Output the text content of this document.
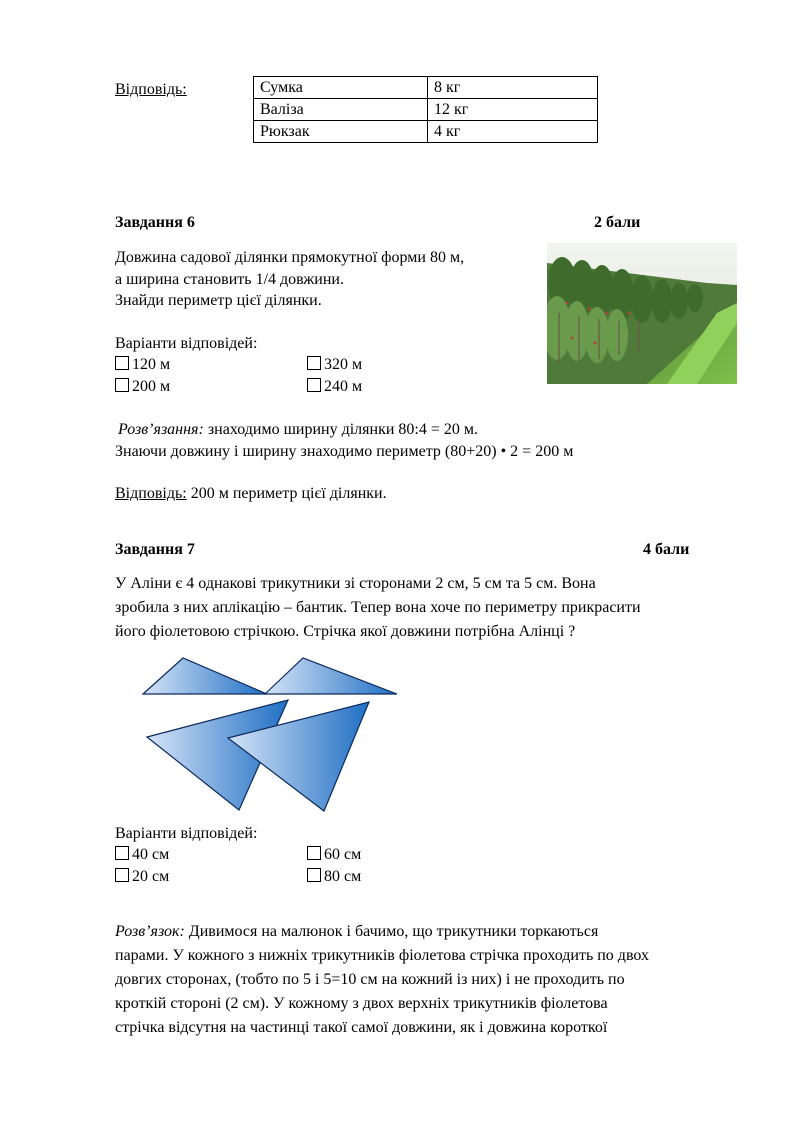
Відповідь:	Сумка	8 кг
Валіза	12 кг
Рюкзак	4 кг
Завдання 6	2 бали
Довжина садової ділянки прямокутної форми 80 м,
а ширина становить 1/4 довжини.
Знайди периметр цієї ділянки.
Варіанти відповідей:
120 м	320 м
200 м	240 м
Розв’язання: знаходимо ширину ділянки 80:4 = 20 м.
Знаючи довжину і ширину знаходимо периметр (80+20) • 2 = 200 м
Відповідь: 200 м периметр цієї ділянки.
Завдання 7	4 бали
У Аліни є 4 однакові трикутники зі сторонами 2 см, 5 см та 5 см. Вона
зробила з них аплікацію – бантик. Тепер вона хоче по периметру прикрасити
його фіолетовою стрічкою. Стрічка якої довжини потрібна Алінці ?
Варіанти відповідей:
40 см	60 см
20 см	80 см
Розв’язок: Дивимося на малюнок і бачимо, що трикутники торкаються
парами. У кожного з нижніх трикутників фіолетова стрічка проходить по двох
довгих сторонах, (тобто по 5 і 5=10 см на кожний із них) і не проходить по
кроткій стороні (2 см). У кожному з двох верхніх трикутників фіолетова
стрічка відсутня на частинці такої самої довжини, як і довжина короткої
